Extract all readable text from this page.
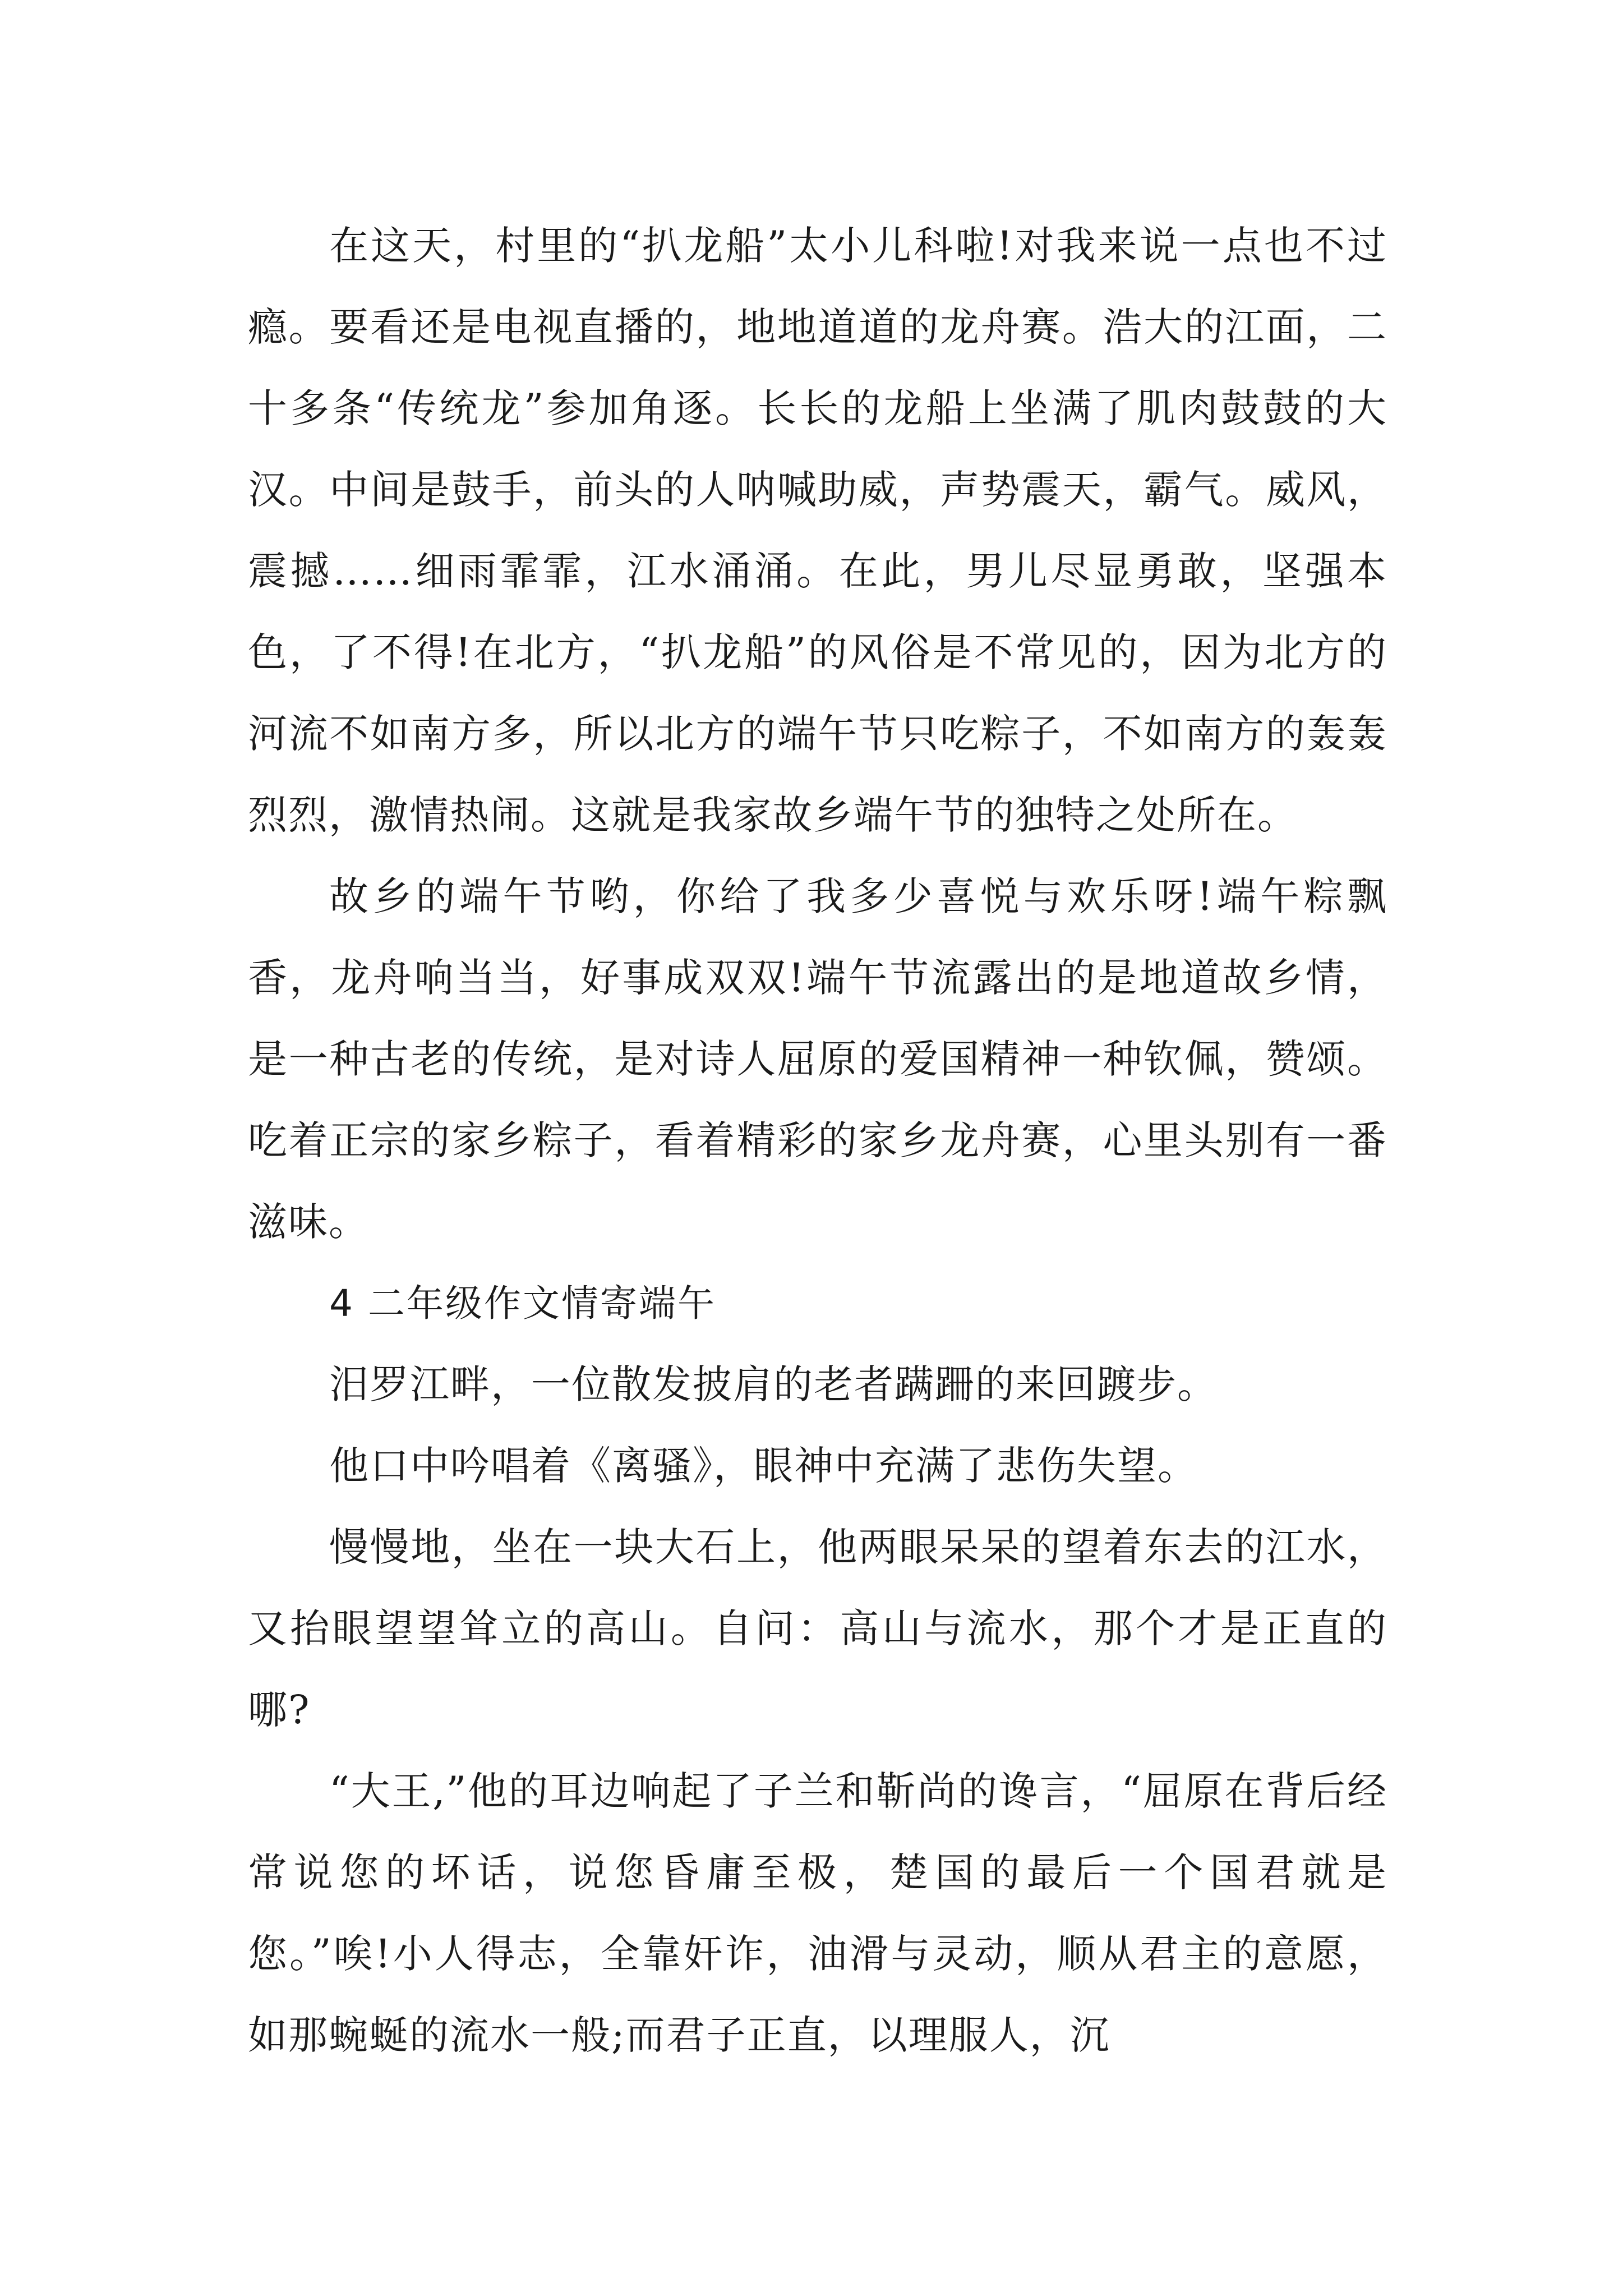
在这天，村里的“扒龙船”太小儿科啦!对我来说一点也不过瘾。要看还是电视直播的，地地道道的龙舟赛。浩大的江面，二十多条“传统龙”参加角逐。长长的龙船上坐满了肌肉鼓鼓的大汉。中间是鼓手，前头的人呐喊助威，声势震天，霸气。威风，震撼……细雨霏霏，江水涌涌。在此，男儿尽显勇敢，坚强本色，了不得!在北方，“扒龙船”的风俗是不常见的，因为北方的河流不如南方多，所以北方的端午节只吃粽子，不如南方的轰轰烈烈，激情热闹。这就是我家故乡端午节的独特之处所在。

故乡的端午节哟，你给了我多少喜悦与欢乐呀!端午粽飘香，龙舟响当当，好事成双双!端午节流露出的是地道故乡情，是一种古老的传统，是对诗人屈原的爱国精神一种钦佩，赞颂。吃着正宗的家乡粽子，看着精彩的家乡龙舟赛，心里头别有一番滋味。

4 二年级作文情寄端午

汨罗江畔，一位散发披肩的老者蹒跚的来回踱步。

他口中吟唱着《离骚》，眼神中充满了悲伤失望。

慢慢地，坐在一块大石上，他两眼呆呆的望着东去的江水，又抬眼望望耸立的高山。自问：高山与流水，那个才是正直的哪?

“大王,”他的耳边响起了子兰和靳尚的谗言，“屈原在背后经常说您的坏话，说您昏庸至极，楚国的最后一个国君就是您。”唉!小人得志，全靠奸诈，油滑与灵动，顺从君主的意愿，如那蜿蜒的流水一般;而君子正直，以理服人，沉
